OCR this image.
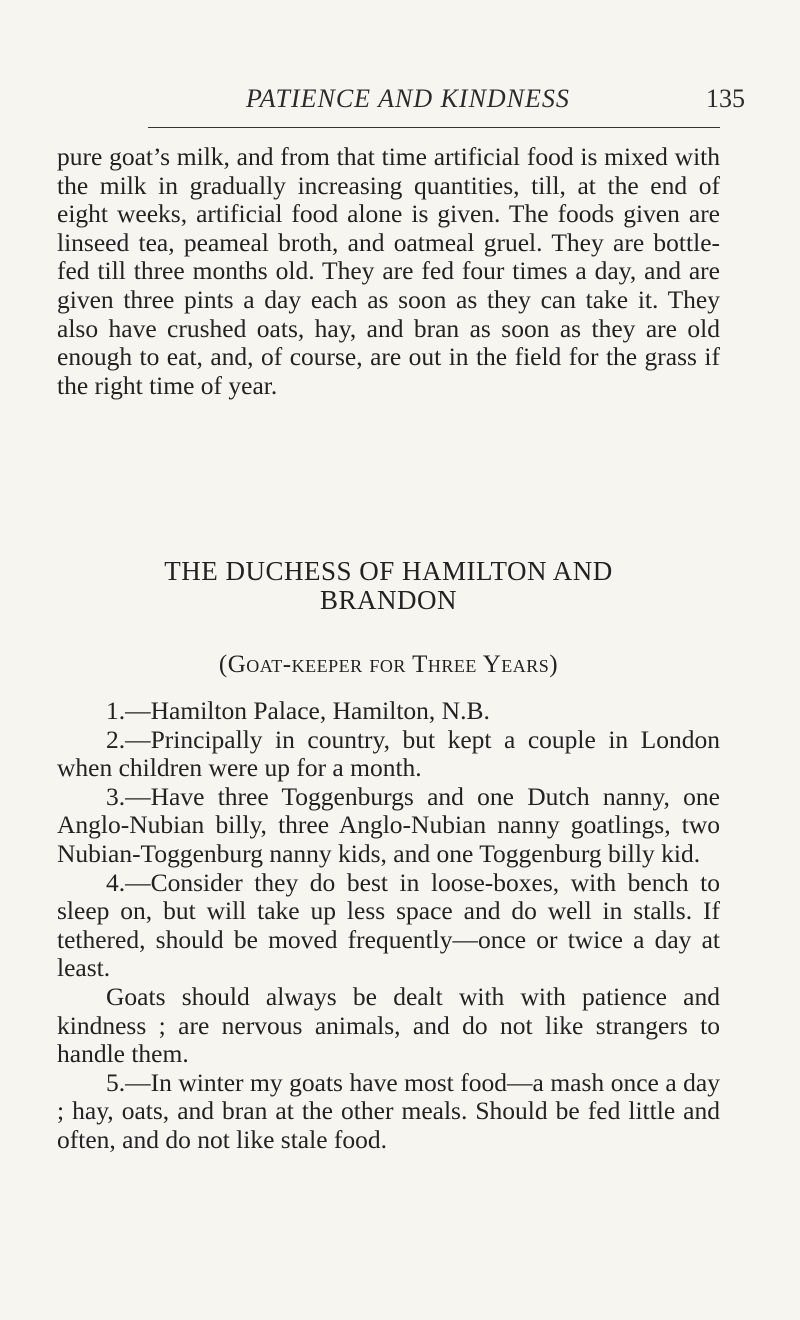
PATIENCE AND KINDNESS	135

pure goat’s milk, and from that time artificial food is mixed with the milk in gradually increasing quantities, till, at the end of eight weeks, artificial food alone is given. The foods given are linseed tea, peameal broth, and oatmeal gruel. They are bottle-fed till three months old. They are fed four times a day, and are given three pints a day each as soon as they can take it. They also have crushed oats, hay, and bran as soon as they are old enough to eat, and, of course, are out in the field for the grass if the right time of year.

THE DUCHESS OF HAMILTON AND
BRANDON
(Goat-keeper for Three Years)

1.—Hamilton Palace, Hamilton, N.B.

2.—Principally in country, but kept a couple in London when children were up for a month.

3.—Have three Toggenburgs and one Dutch nanny, one Anglo-Nubian billy, three Anglo-Nubian nanny goatlings, two Nubian-Toggenburg nanny kids, and one Toggenburg billy kid.

4.—Consider they do best in loose-boxes, with bench to sleep on, but will take up less space and do well in stalls. If tethered, should be moved frequently—once or twice a day at least.

Goats should always be dealt with with patience and kindness ; are nervous animals, and do not like strangers to handle them.

5.—In winter my goats have most food—a mash once a day ; hay, oats, and bran at the other meals. Should be fed little and often, and do not like stale food.
